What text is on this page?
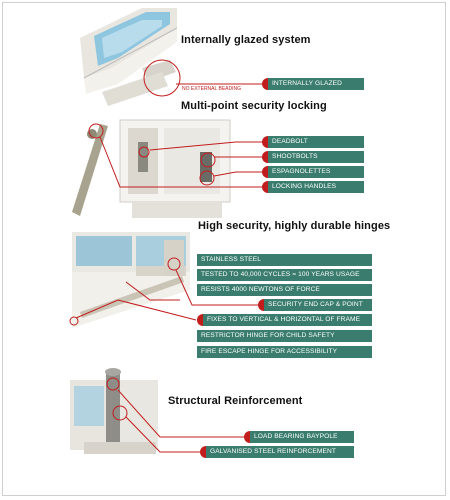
Internally glazed system
NO EXTERNAL BEADING
INTERNALLY GLAZED
Multi-point security locking
DEADBOLT
SHOOTBOLTS
ESPAGNOLETTES
LOCKING HANDLES
High security, highly durable hinges
STAINLESS STEEL
TESTED TO 40,000 CYCLES = 100 YEARS USAGE
RESISTS 4000 NEWTONS OF FORCE
SECURITY END CAP & POINT
FIXES TO VERTICAL & HORIZONTAL OF FRAME
RESTRICTOR HINGE FOR CHILD SAFETY
FIRE ESCAPE HINGE FOR ACCESSIBILITY
Structural Reinforcement
LOAD BEARING BAYPOLE
GALVANISED STEEL REINFORCEMENT
